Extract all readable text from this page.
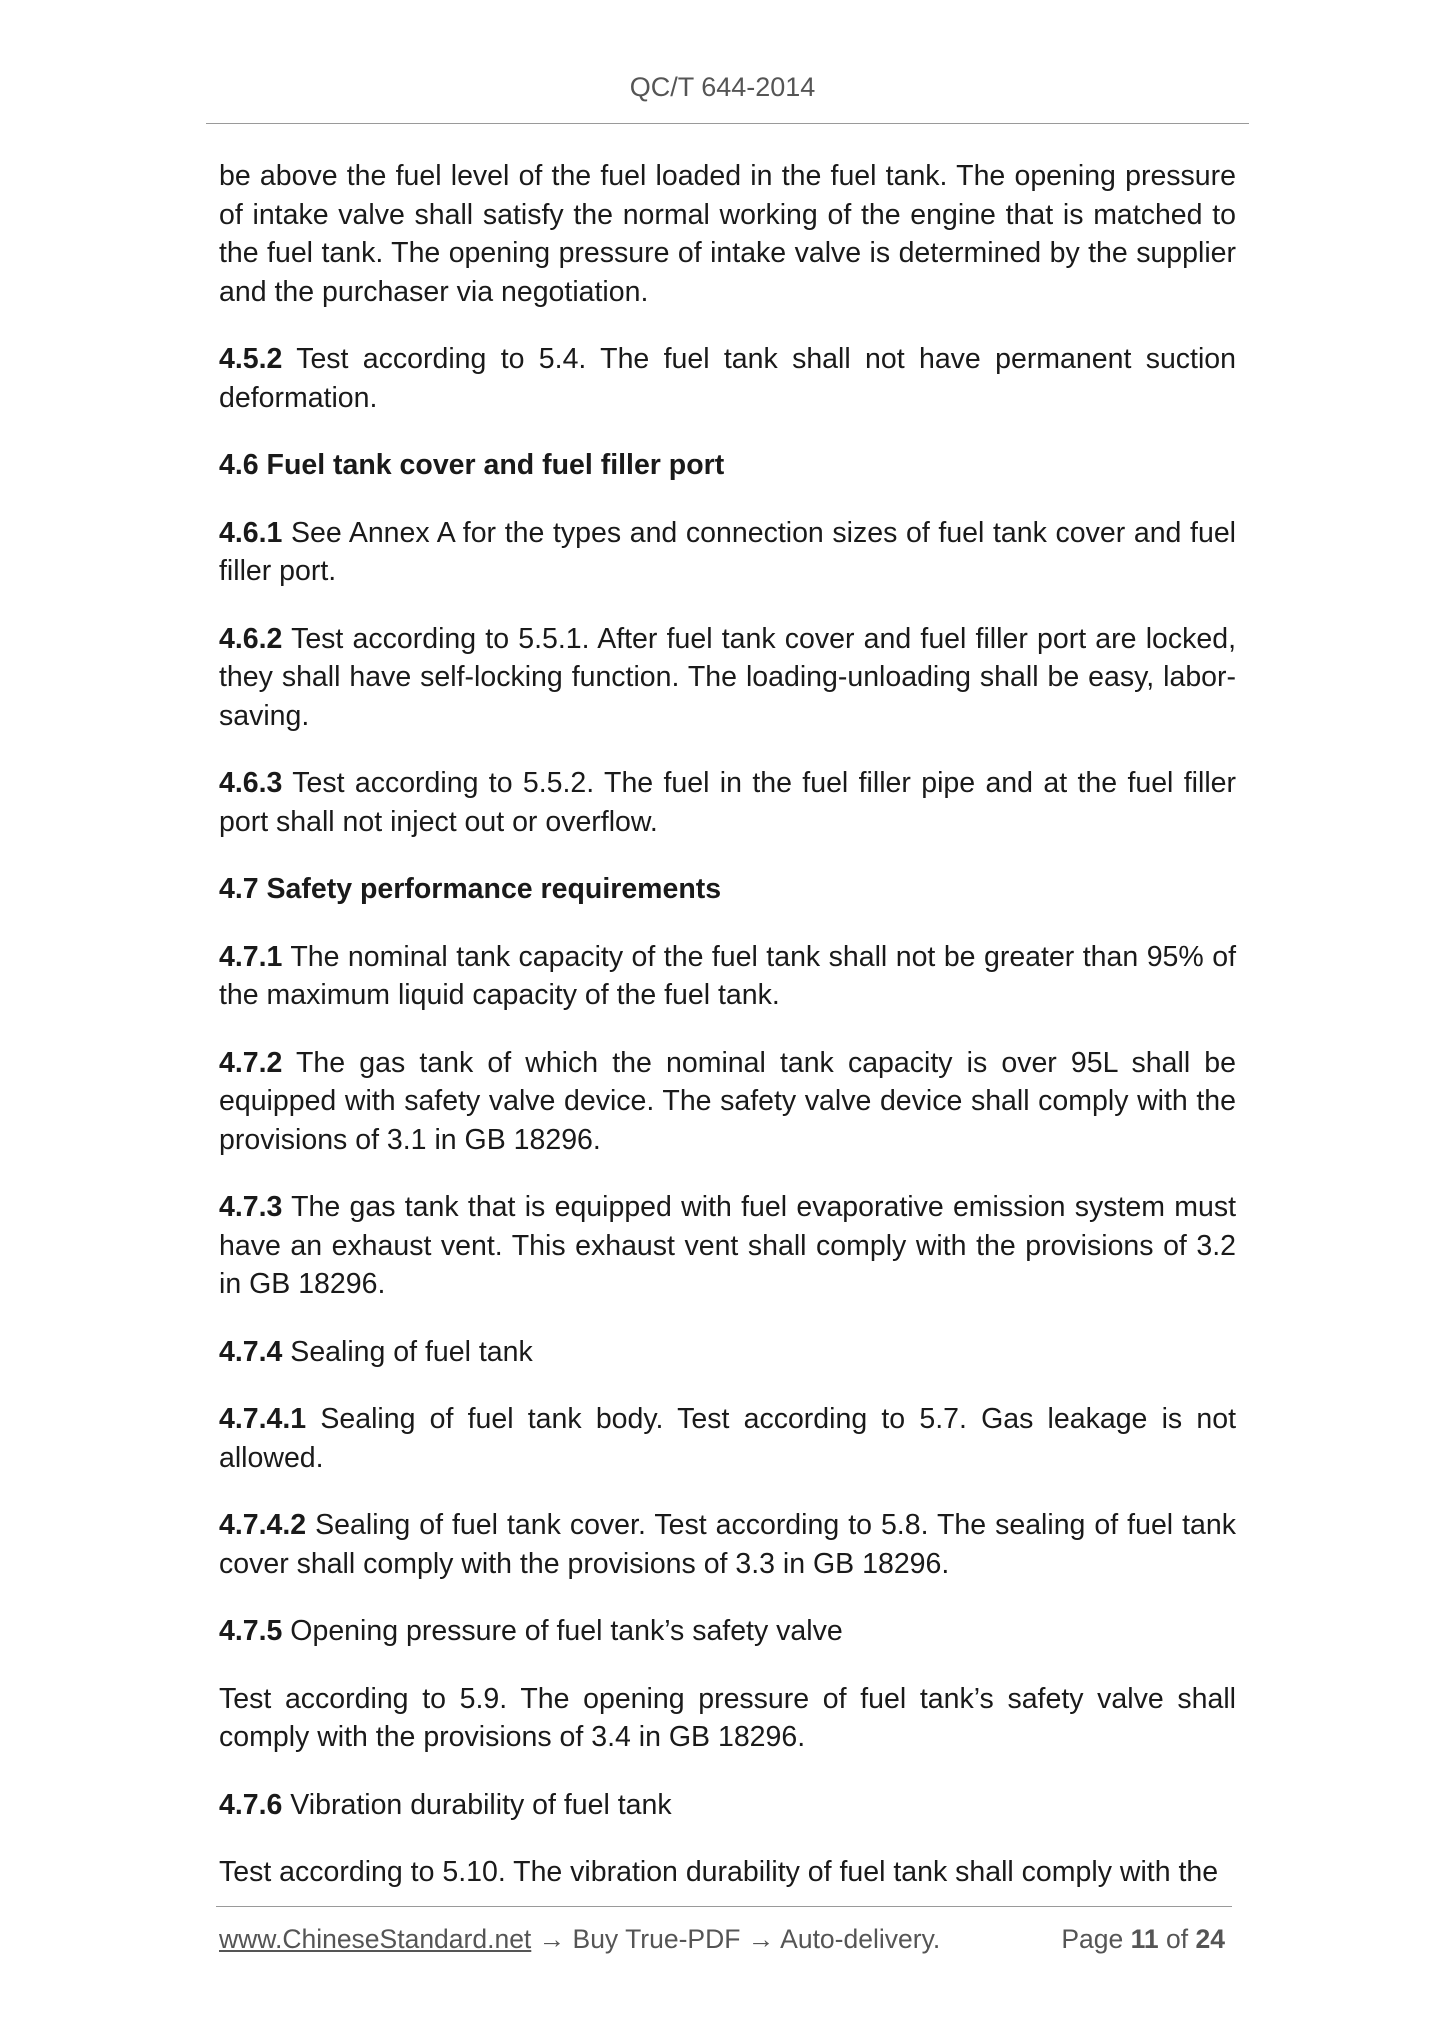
QC/T 644-2014

be above the fuel level of the fuel loaded in the fuel tank. The opening pressure of intake valve shall satisfy the normal working of the engine that is matched to the fuel tank. The opening pressure of intake valve is determined by the supplier and the purchaser via negotiation.

4.5.2 Test according to 5.4. The fuel tank shall not have permanent suction deformation.

4.6 Fuel tank cover and fuel filler port

4.6.1 See Annex A for the types and connection sizes of fuel tank cover and fuel filler port.

4.6.2 Test according to 5.5.1. After fuel tank cover and fuel filler port are locked, they shall have self-locking function. The loading-unloading shall be easy, labor-saving.

4.6.3 Test according to 5.5.2. The fuel in the fuel filler pipe and at the fuel filler port shall not inject out or overflow.

4.7 Safety performance requirements

4.7.1 The nominal tank capacity of the fuel tank shall not be greater than 95% of the maximum liquid capacity of the fuel tank.

4.7.2 The gas tank of which the nominal tank capacity is over 95L shall be equipped with safety valve device. The safety valve device shall comply with the provisions of 3.1 in GB 18296.

4.7.3 The gas tank that is equipped with fuel evaporative emission system must have an exhaust vent. This exhaust vent shall comply with the provisions of 3.2 in GB 18296.

4.7.4 Sealing of fuel tank

4.7.4.1 Sealing of fuel tank body. Test according to 5.7. Gas leakage is not allowed.

4.7.4.2 Sealing of fuel tank cover. Test according to 5.8. The sealing of fuel tank cover shall comply with the provisions of 3.3 in GB 18296.

4.7.5 Opening pressure of fuel tank’s safety valve

Test according to 5.9. The opening pressure of fuel tank’s safety valve shall comply with the provisions of 3.4 in GB 18296.

4.7.6 Vibration durability of fuel tank

Test according to 5.10. The vibration durability of fuel tank shall comply with the

www.ChineseStandard.net → Buy True-PDF → Auto-delivery.	Page 11 of 24
